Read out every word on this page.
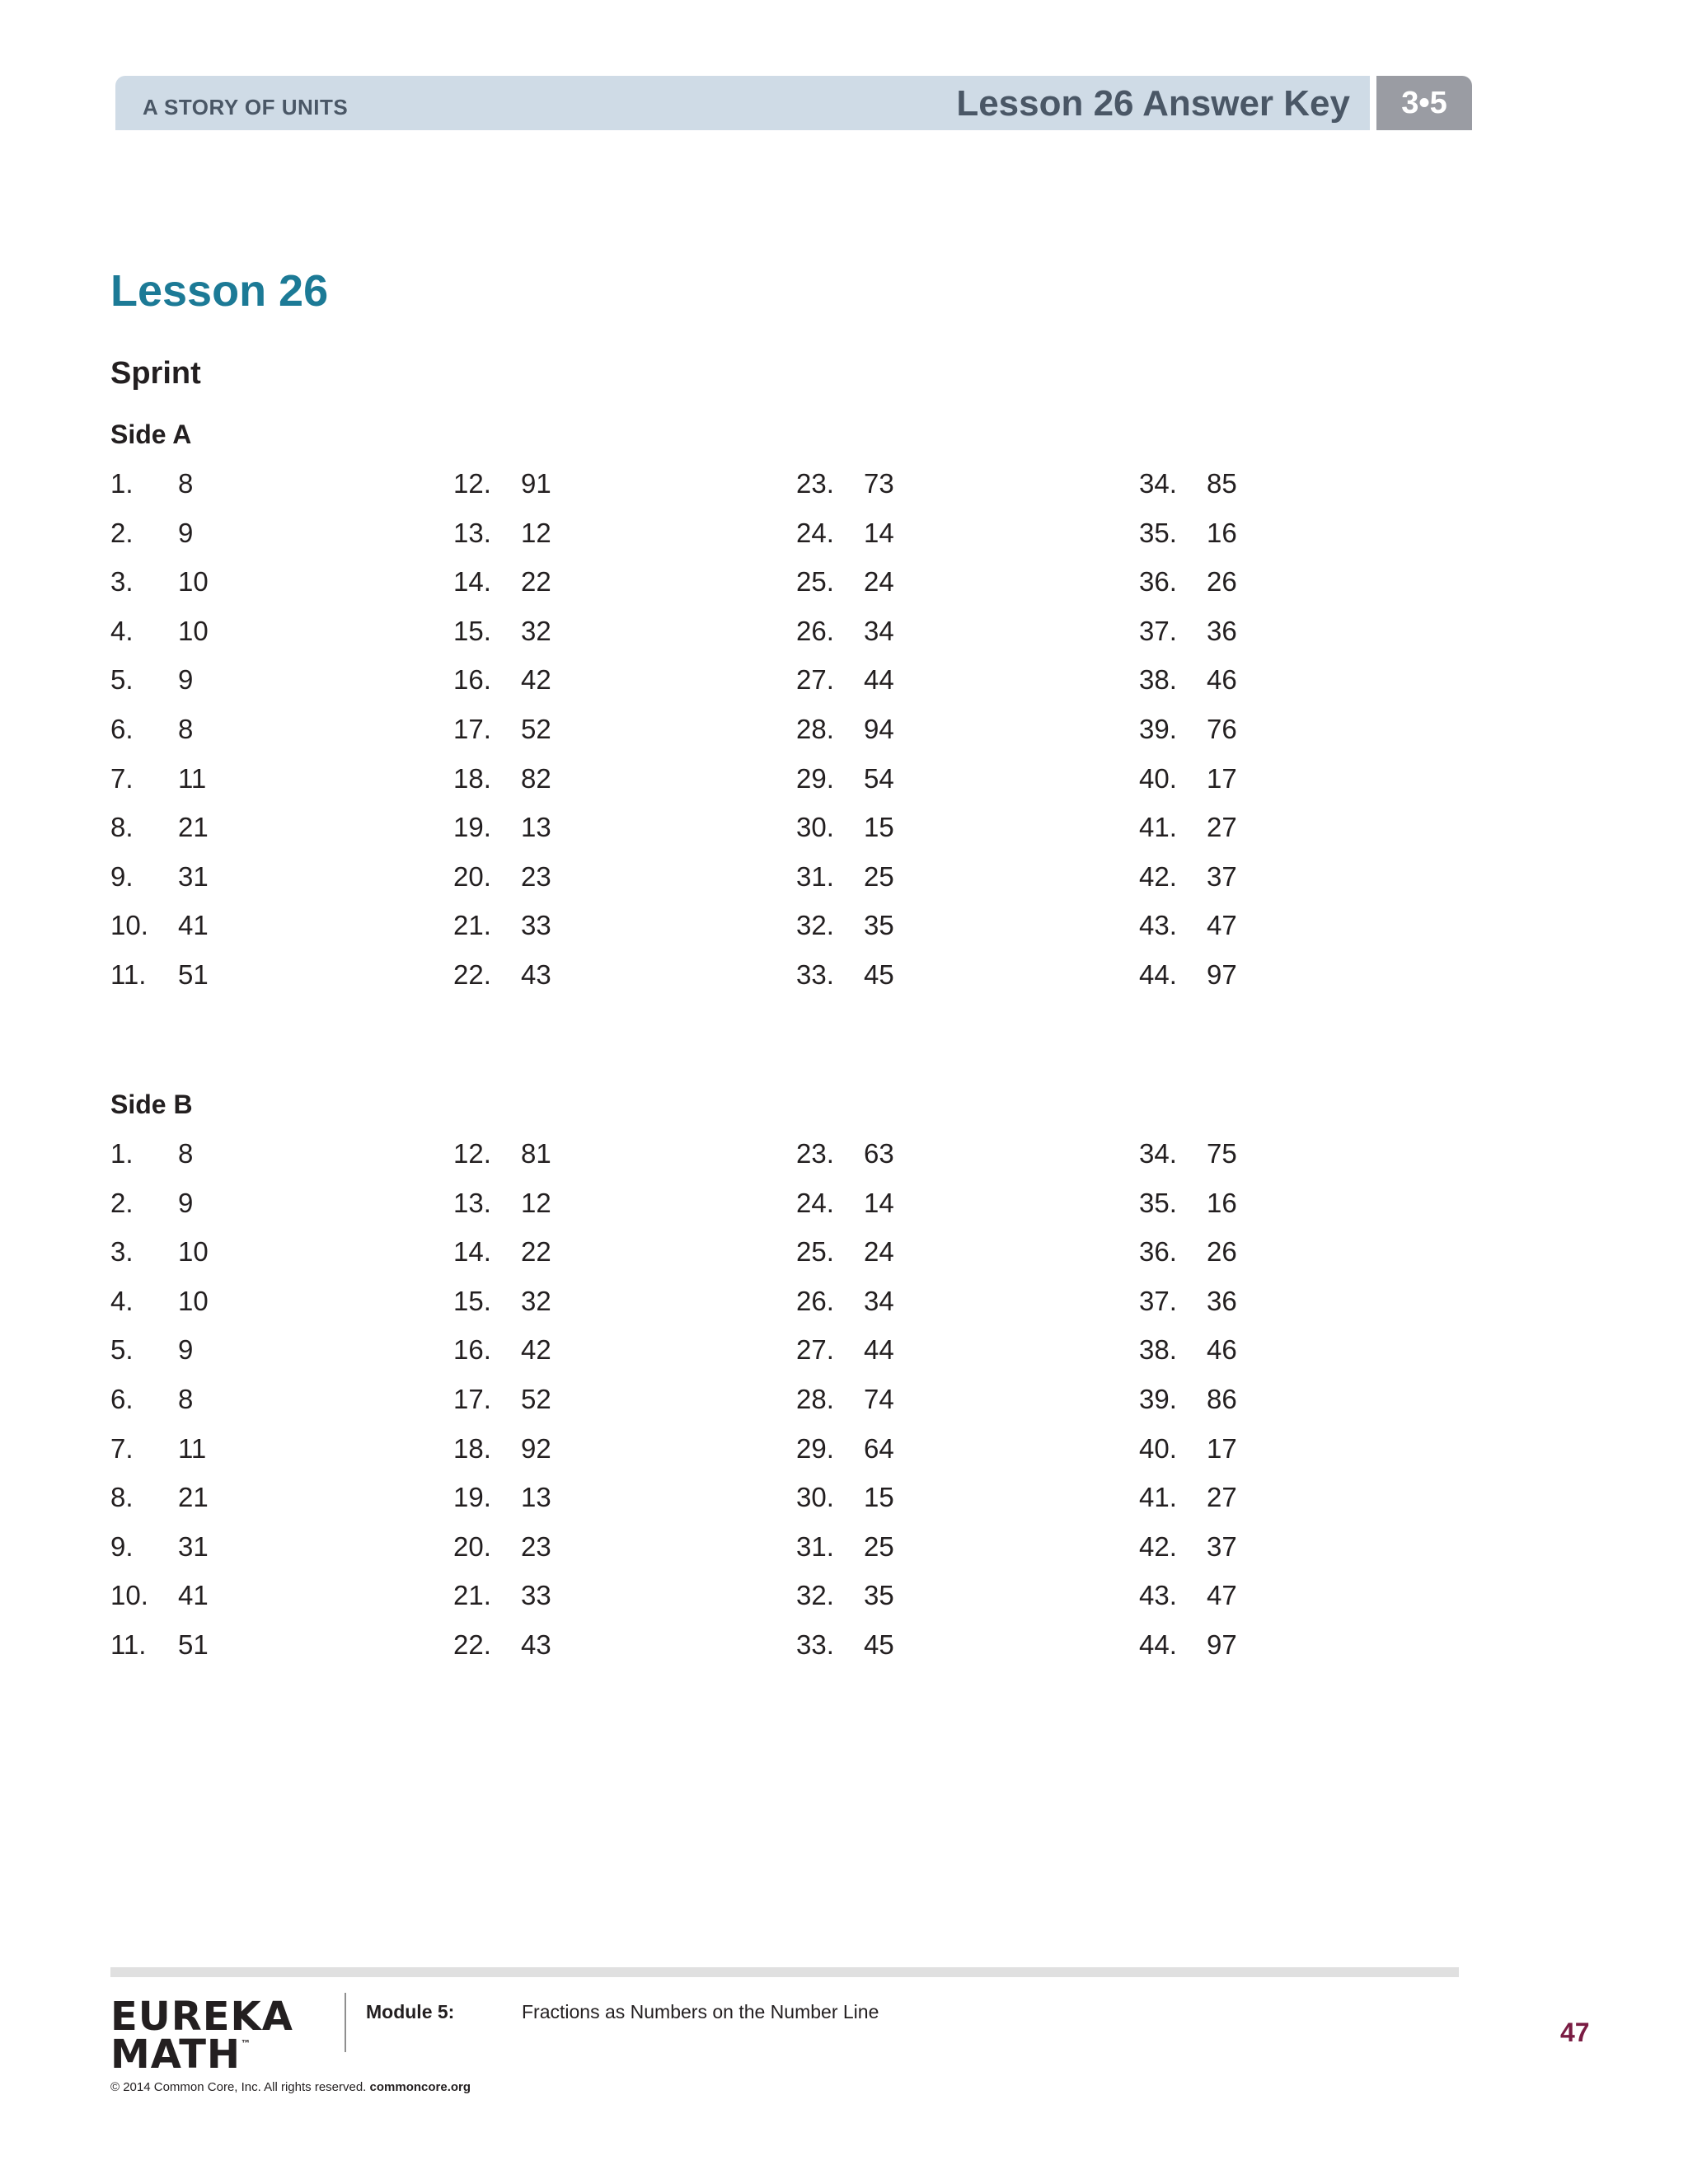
A STORY OF UNITS	Lesson 26 Answer Key	3•5
Lesson 26
Sprint
Side A
1. 8
2. 9
3. 10
4. 10
5. 9
6. 8
7. 11
8. 21
9. 31
10. 41
11. 51
12. 91
13. 12
14. 22
15. 32
16. 42
17. 52
18. 82
19. 13
20. 23
21. 33
22. 43
23. 73
24. 14
25. 24
26. 34
27. 44
28. 94
29. 54
30. 15
31. 25
32. 35
33. 45
34. 85
35. 16
36. 26
37. 36
38. 46
39. 76
40. 17
41. 27
42. 37
43. 47
44. 97
Side B
1. 8
2. 9
3. 10
4. 10
5. 9
6. 8
7. 11
8. 21
9. 31
10. 41
11. 51
12. 81
13. 12
14. 22
15. 32
16. 42
17. 52
18. 92
19. 13
20. 23
21. 33
22. 43
23. 63
24. 14
25. 24
26. 34
27. 44
28. 74
29. 64
30. 15
31. 25
32. 35
33. 45
34. 75
35. 16
36. 26
37. 36
38. 46
39. 86
40. 17
41. 27
42. 37
43. 47
44. 97
EUREKA
MATH™
Module 5:	Fractions as Numbers on the Number Line
47
© 2014 Common Core, Inc. All rights reserved. commoncore.org
